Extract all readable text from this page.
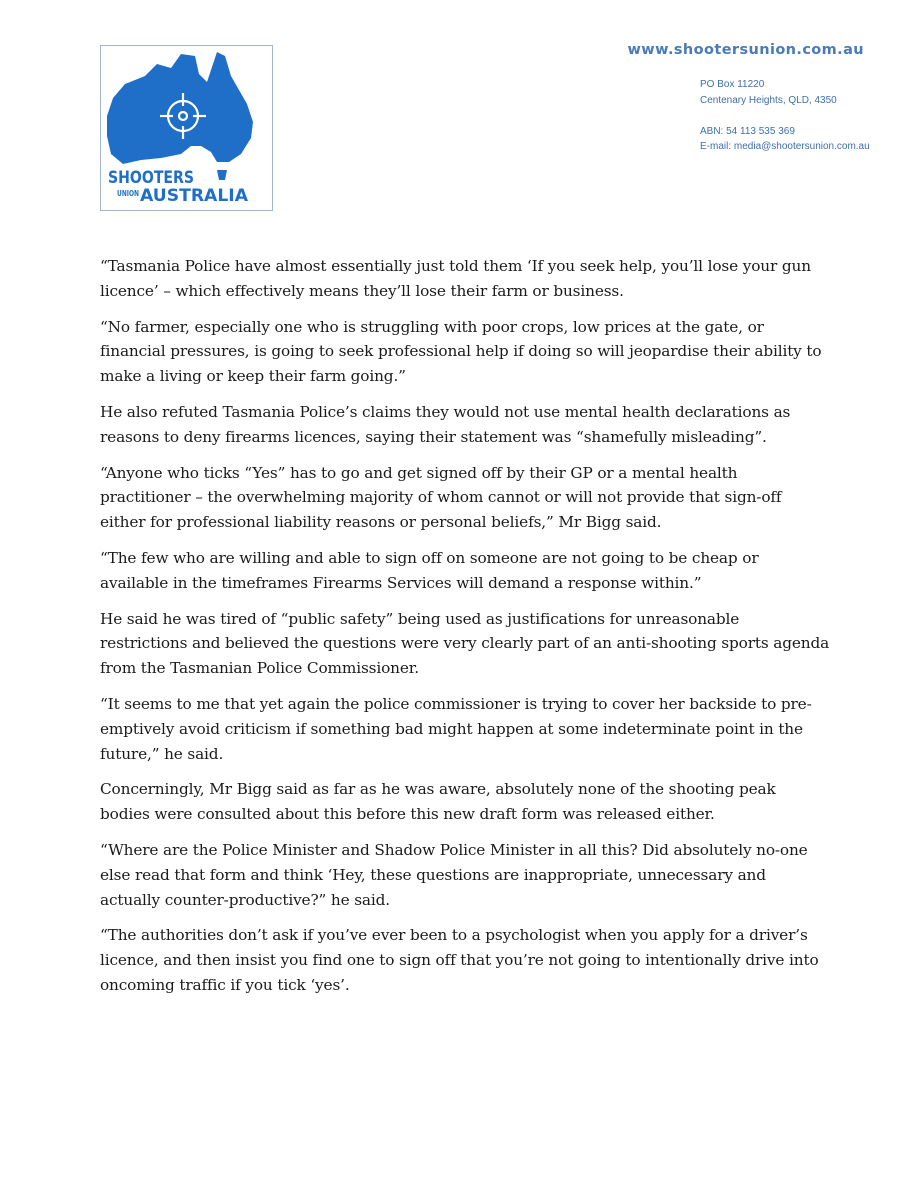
SHOOTERS
UNION AUSTRALIA
www.shootersunion.com.au
PO Box 11220
Centenary Heights, QLD, 4350
ABN: 54 113 535 369
E-mail: media@shootersunion.com.au

“Tasmania Police have almost essentially just told them ‘If you seek help, you’ll lose your gun licence’ – which effectively means they’ll lose their farm or business.

“No farmer, especially one who is struggling with poor crops, low prices at the gate, or financial pressures, is going to seek professional help if doing so will jeopardise their ability to make a living or keep their farm going.”

He also refuted Tasmania Police’s claims they would not use mental health declarations as reasons to deny firearms licences, saying their statement was “shamefully misleading”.

“Anyone who ticks “Yes” has to go and get signed off by their GP or a mental health practitioner – the overwhelming majority of whom cannot or will not provide that sign-off either for professional liability reasons or personal beliefs,” Mr Bigg said.

“The few who are willing and able to sign off on someone are not going to be cheap or available in the timeframes Firearms Services will demand a response within.”

He said he was tired of “public safety” being used as justifications for unreasonable restrictions and believed the questions were very clearly part of an anti-shooting sports agenda from the Tasmanian Police Commissioner.

“It seems to me that yet again the police commissioner is trying to cover her backside to pre-emptively avoid criticism if something bad might happen at some indeterminate point in the future,” he said.

Concerningly, Mr Bigg said as far as he was aware, absolutely none of the shooting peak bodies were consulted about this before this new draft form was released either.

“Where are the Police Minister and Shadow Police Minister in all this? Did absolutely no-one else read that form and think ‘Hey, these questions are inappropriate, unnecessary and actually counter-productive?” he said.

“The authorities don’t ask if you’ve ever been to a psychologist when you apply for a driver’s licence, and then insist you find one to sign off that you’re not going to intentionally drive into oncoming traffic if you tick ‘yes’.
